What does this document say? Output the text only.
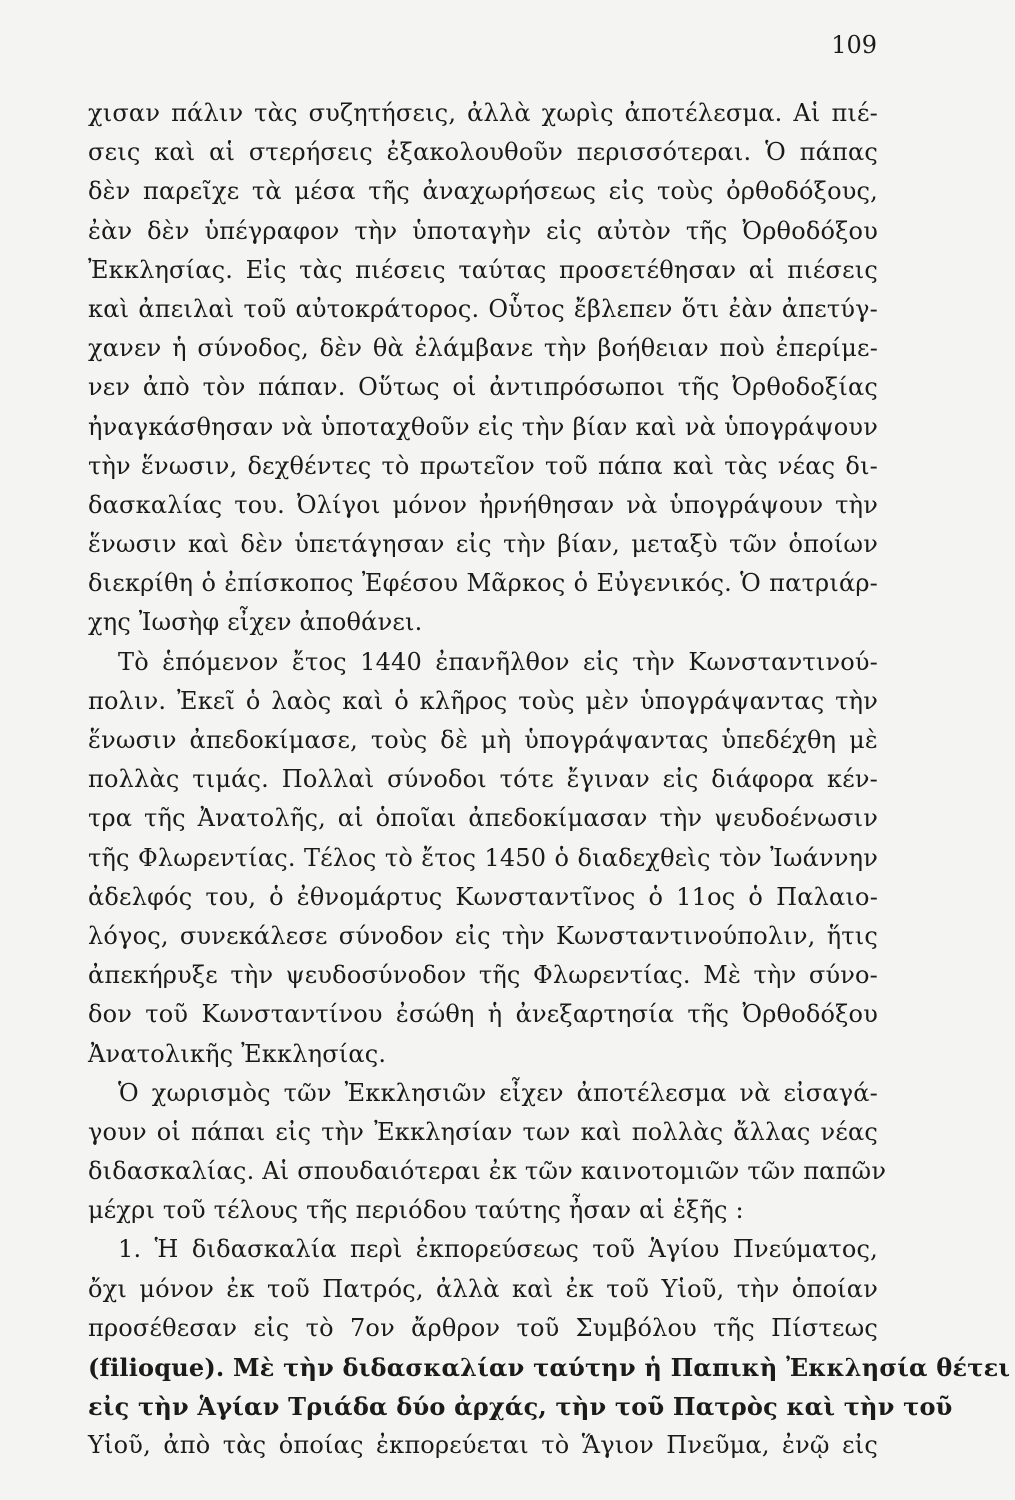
109
χισαν πάλιν τὰς συζητήσεις, ἀλλὰ χωρὶς ἀποτέλεσμα. Αἱ πιέ-
σεις καὶ αἱ στερήσεις ἐξακολουθοῦν περισσότεραι. Ὁ πάπας
δὲν παρεῖχε τὰ μέσα τῆς ἀναχωρήσεως εἰς τοὺς ὀρθοδόξους,
ἐὰν δὲν ὑπέγραφον τὴν ὑποταγὴν εἰς αὐτὸν τῆς Ὀρθοδόξου
Ἐκκλησίας. Εἰς τὰς πιέσεις ταύτας προσετέθησαν αἱ πιέσεις
καὶ ἀπειλαὶ τοῦ αὐτοκράτορος. Οὗτος ἔβλεπεν ὅτι ἐὰν ἀπετύγ-
χανεν ἡ σύνοδος, δὲν θὰ ἐλάμβανε τὴν βοήθειαν ποὺ ἐπερίμε-
νεν ἀπὸ τὸν πάπαν. Οὕτως οἱ ἀντιπρόσωποι τῆς Ὀρθοδοξίας
ἠναγκάσθησαν νὰ ὑποταχθοῦν εἰς τὴν βίαν καὶ νὰ ὑπογράψουν
τὴν ἕνωσιν, δεχθέντες τὸ πρωτεῖον τοῦ πάπα καὶ τὰς νέας δι-
δασκαλίας του. Ὀλίγοι μόνον ἠρνήθησαν νὰ ὑπογράψουν τὴν
ἕνωσιν καὶ δὲν ὑπετάγησαν εἰς τὴν βίαν, μεταξὺ τῶν ὁποίων
διεκρίθη ὁ ἐπίσκοπος Ἐφέσου Μᾶρκος ὁ Εὐγενικός. Ὁ πατριάρ-
χης Ἰωσὴφ εἶχεν ἀποθάνει.
Τὸ ἑπόμενον ἔτος 1440 ἐπανῆλθον εἰς τὴν Κωνσταντινού-
πολιν. Ἐκεῖ ὁ λαὸς καὶ ὁ κλῆρος τοὺς μὲν ὑπογράψαντας τὴν
ἕνωσιν ἀπεδοκίμασε, τοὺς δὲ μὴ ὑπογράψαντας ὑπεδέχθη μὲ
πολλὰς τιμάς. Πολλαὶ σύνοδοι τότε ἔγιναν εἰς διάφορα κέν-
τρα τῆς Ἀνατολῆς, αἱ ὁποῖαι ἀπεδοκίμασαν τὴν ψευδοένωσιν
τῆς Φλωρεντίας. Τέλος τὸ ἔτος 1450 ὁ διαδεχθεὶς τὸν Ἰωάννην
ἀδελφός του, ὁ ἐθνομάρτυς Κωνσταντῖνος ὁ 11ος ὁ Παλαιο-
λόγος, συνεκάλεσε σύνοδον εἰς τὴν Κωνσταντινούπολιν, ἥτις
ἀπεκήρυξε τὴν ψευδοσύνοδον τῆς Φλωρεντίας. Μὲ τὴν σύνο-
δον τοῦ Κωνσταντίνου ἐσώθη ἡ ἀνεξαρτησία τῆς Ὀρθοδόξου
Ἀνατολικῆς Ἐκκλησίας.
Ὁ χωρισμὸς τῶν Ἐκκλησιῶν εἶχεν ἀποτέλεσμα νὰ εἰσαγά-
γουν οἱ πάπαι εἰς τὴν Ἐκκλησίαν των καὶ πολλὰς ἄλλας νέας
διδασκαλίας. Αἱ σπουδαιότεραι ἐκ τῶν καινοτομιῶν τῶν παπῶν
μέχρι τοῦ τέλους τῆς περιόδου ταύτης ἦσαν αἱ ἑξῆς :
1. Ἡ διδασκαλία περὶ ἐκπορεύσεως τοῦ Ἁγίου Πνεύματος,
ὄχι μόνον ἐκ τοῦ Πατρός, ἀλλὰ καὶ ἐκ τοῦ Υἱοῦ, τὴν ὁποίαν
προσέθεσαν εἰς τὸ 7ον ἄρθρον τοῦ Συμβόλου τῆς Πίστεως
(filioque). Μὲ τὴν διδασκαλίαν ταύτην ἡ Παπικὴ Ἐκκλησία θέτει
εἰς τὴν Ἁγίαν Τριάδα δύο ἀρχάς, τὴν τοῦ Πατρὸς καὶ τὴν τοῦ
Υἱοῦ, ἀπὸ τὰς ὁποίας ἐκπορεύεται τὸ Ἅγιον Πνεῦμα, ἐνῷ εἰς
